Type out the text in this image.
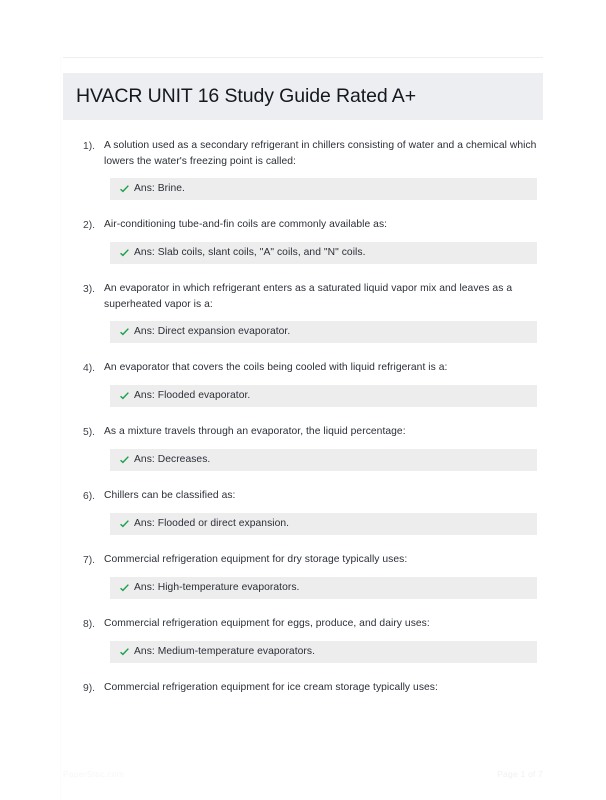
HVACR UNIT 16 Study Guide Rated A+
1). A solution used as a secondary refrigerant in chillers consisting of water and a chemical which lowers the water's freezing point is called:
Ans: Brine.
2). Air-conditioning tube-and-fin coils are commonly available as:
Ans: Slab coils, slant coils, "A" coils, and "N" coils.
3). An evaporator in which refrigerant enters as a saturated liquid vapor mix and leaves as a superheated vapor is a:
Ans: Direct expansion evaporator.
4). An evaporator that covers the coils being cooled with liquid refrigerant is a:
Ans: Flooded evaporator.
5). As a mixture travels through an evaporator, the liquid percentage:
Ans: Decreases.
6). Chillers can be classified as:
Ans: Flooded or direct expansion.
7). Commercial refrigeration equipment for dry storage typically uses:
Ans: High-temperature evaporators.
8). Commercial refrigeration equipment for eggs, produce, and dairy uses:
Ans: Medium-temperature evaporators.
9). Commercial refrigeration equipment for ice cream storage typically uses:
PaperStoc.com	Page 1 of 7
